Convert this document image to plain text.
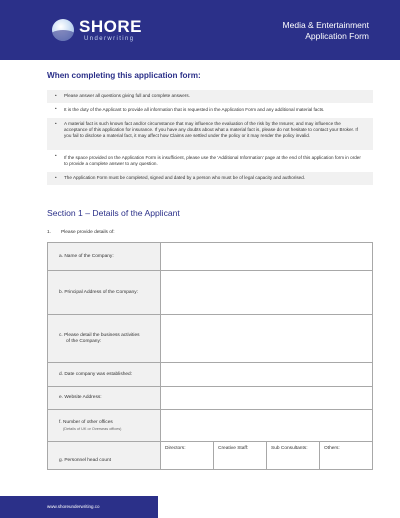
SHORE
Underwriting
Media & Entertainment
Application Form
When completing this application form:
• Please answer all questions giving full and complete answers.
• It is the duty of the Applicant to provide all information that is requested in the Application Form and any additional material facts.
• A material fact is such known fact and/or circumstance that may influence the evaluation of the risk by the Insurer, and may influence the acceptance of this application for insurance. If you have any doubts about what a material fact is, please do not hesitate to contact your Broker. If you fail to disclose a material fact, it may affect how Claims are settled under the policy or it may render the policy invalid.
• If the space provided on the Application Form is insufficient, please use the 'Additional Information' page at the end of this application form in order to provide a complete answer to any question.
• The Application Form must be completed, signed and dated by a person who must be of legal capacity and authorised.
Section 1 – Details of the Applicant
1. Please provide details of:
a. Name of the Company:				
b. Principal Address of the Company:				
c. Please detail the business activities
of the Company:				
d. Date company was established:				
e. Website Address:				
f. Number of other offices
(Details of UK or Overseas offices)				

g. Personnel head count	Directors:	Creative Staff:	Sub Consultants:	Others:
www.shoreunderwriting.co
